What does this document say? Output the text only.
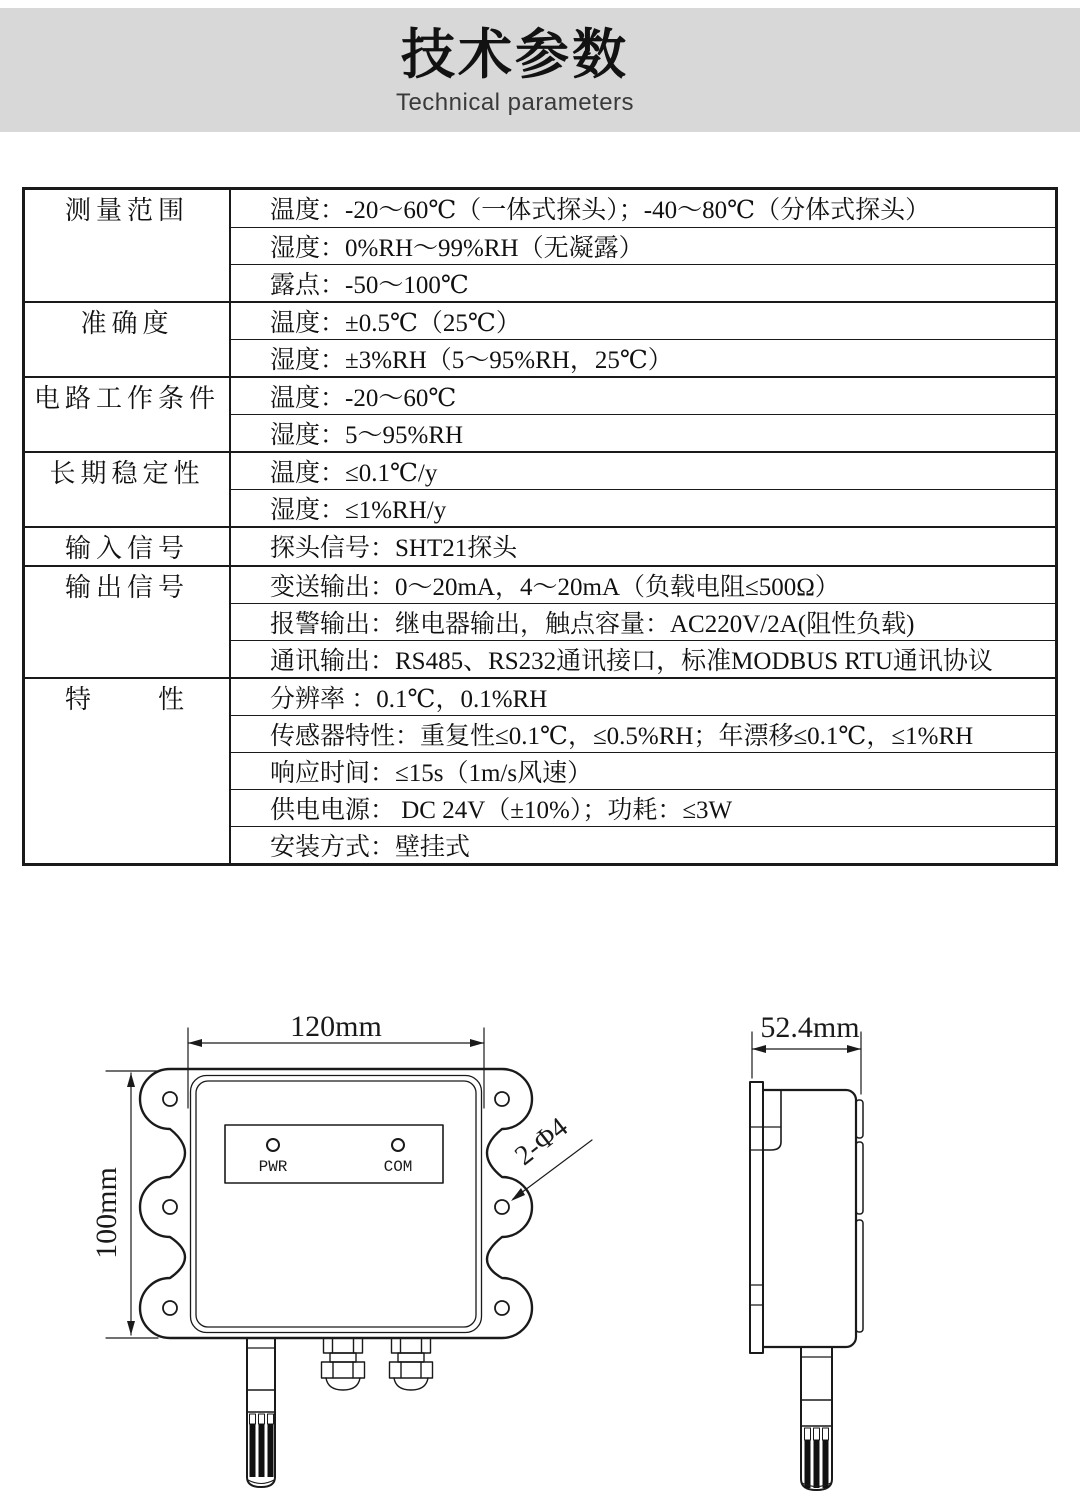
技术参数
Technical parameters
测量范围	温度：-20～60℃（一体式探头）；-40～80℃（分体式探头）
湿度：0%RH～99%RH（无凝露）
露点：-50～100℃
准确度	温度：±0.5℃（25℃）
湿度：±3%RH（5～95%RH，25℃）
电路工作条件	温度：-20～60℃
湿度：5～95%RH
长期稳定性	温度：≤0.1℃/y
湿度：≤1%RH/y
输入信号	探头信号：SHT21探头
输出信号	变送输出：0～20mA，4～20mA（负载电阻≤500Ω）
报警输出：继电器输出，触点容量：AC220V/2A(阻性负载)
通讯输出：RS485、RS232通讯接口，标准MODBUS RTU通讯协议
特　　性	分辨率 ：0.1℃，0.1%RH
传感器特性：重复性≤0.1℃，≤0.5%RH；年漂移≤0.1℃，≤1%RH
响应时间：≤15s（1m/s风速）
供电电源： DC 24V（±10%）；功耗：≤3W
安装方式：壁挂式
120mm
100mm
PWR	COM	2-Φ4
52.4mm
